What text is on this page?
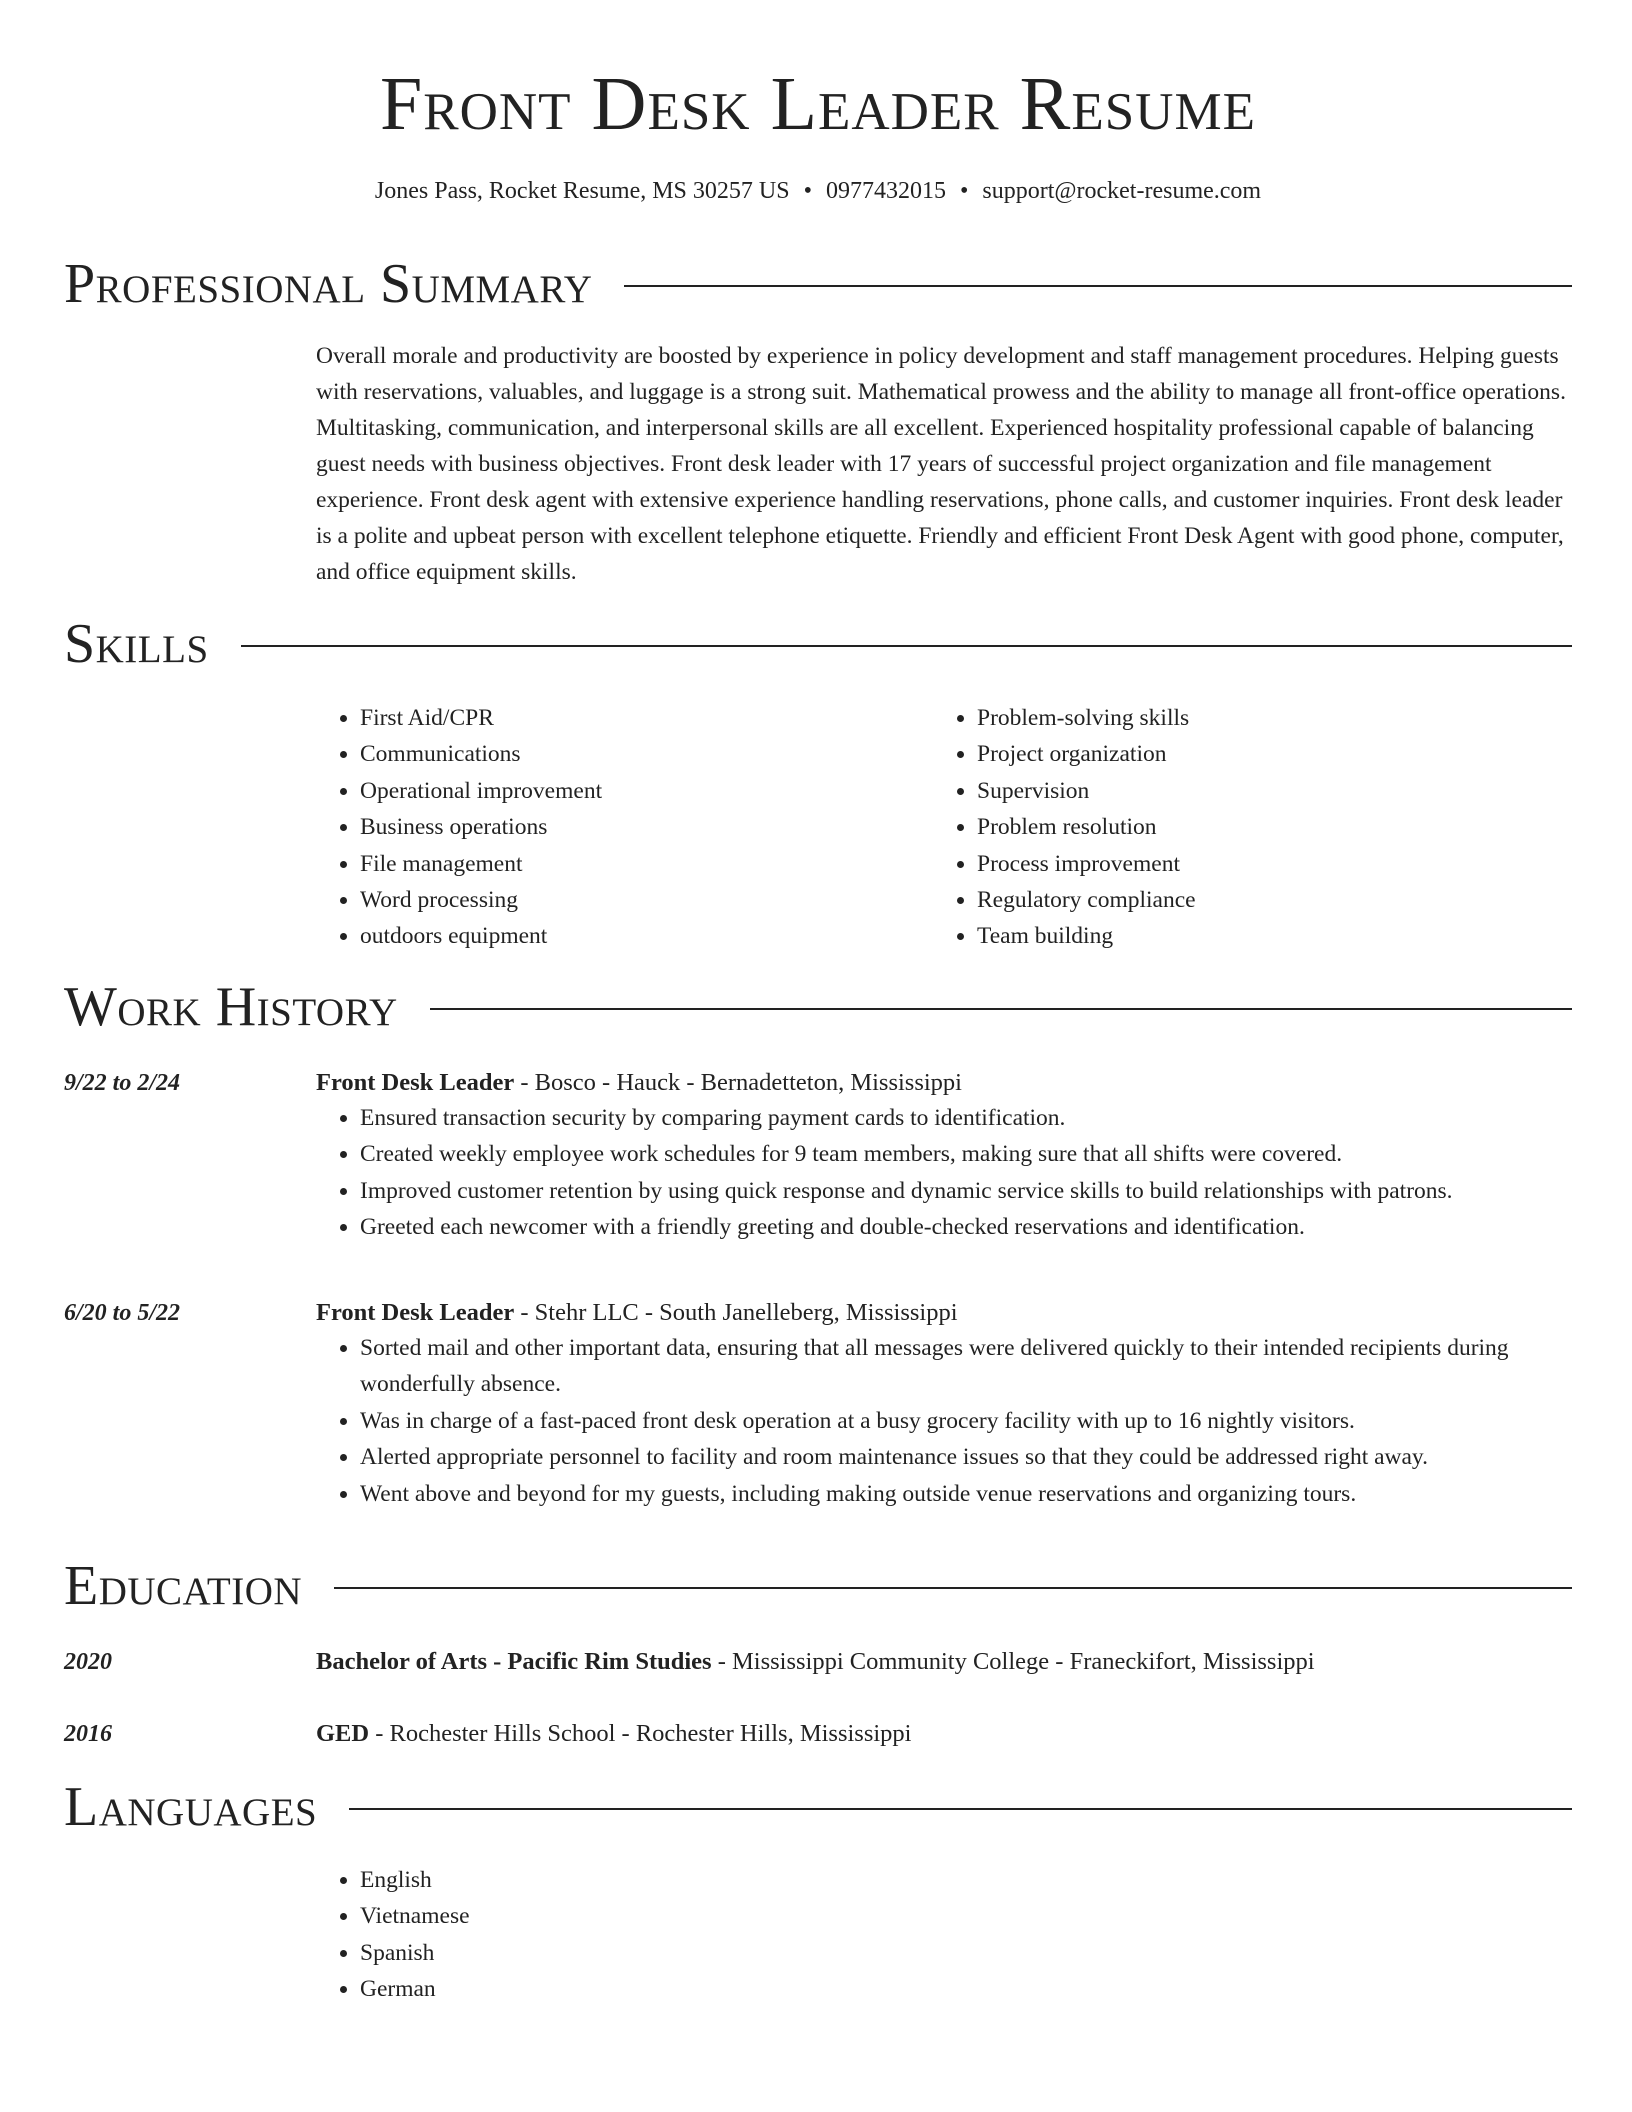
Front Desk Leader Resume
Jones Pass, Rocket Resume, MS 30257 US • 0977432015 • support@rocket-resume.com
Professional Summary

Overall morale and productivity are boosted by experience in policy development and staff management procedures. Helping guests with reservations, valuables, and luggage is a strong suit. Mathematical prowess and the ability to manage all front-office operations. Multitasking, communication, and interpersonal skills are all excellent. Experienced hospitality professional capable of balancing guest needs with business objectives. Front desk leader with 17 years of successful project organization and file management experience. Front desk agent with extensive experience handling reservations, phone calls, and customer inquiries. Front desk leader is a polite and upbeat person with excellent telephone etiquette. Friendly and efficient Front Desk Agent with good phone, computer, and office equipment skills.

Skills
• First Aid/CPR
• Communications
• Operational improvement
• Business operations
• File management
• Word processing
• outdoors equipment
• Problem-solving skills
• Project organization
• Supervision
• Problem resolution
• Process improvement
• Regulatory compliance
• Team building
Work History
9/22 to 2/24	Front Desk Leader - Bosco - Hauck - Bernadetteton, Mississippi

• Ensured transaction security by comparing payment cards to identification.
• Created weekly employee work schedules for 9 team members, making sure that all shifts were covered.
• Improved customer retention by using quick response and dynamic service skills to build relationships with patrons.
• Greeted each newcomer with a friendly greeting and double-checked reservations and identification.
6/20 to 5/22	Front Desk Leader - Stehr LLC - South Janelleberg, Mississippi

• Sorted mail and other important data, ensuring that all messages were delivered quickly to their intended recipients during wonderfully absence.
• Was in charge of a fast-paced front desk operation at a busy grocery facility with up to 16 nightly visitors.
• Alerted appropriate personnel to facility and room maintenance issues so that they could be addressed right away.
• Went above and beyond for my guests, including making outside venue reservations and organizing tours.
Education
2020	Bachelor of Arts - Pacific Rim Studies - Mississippi Community College - Franeckifort, Mississippi

2016	GED - Rochester Hills School - Rochester Hills, Mississippi

Languages
• English
• Vietnamese
• Spanish
• German
